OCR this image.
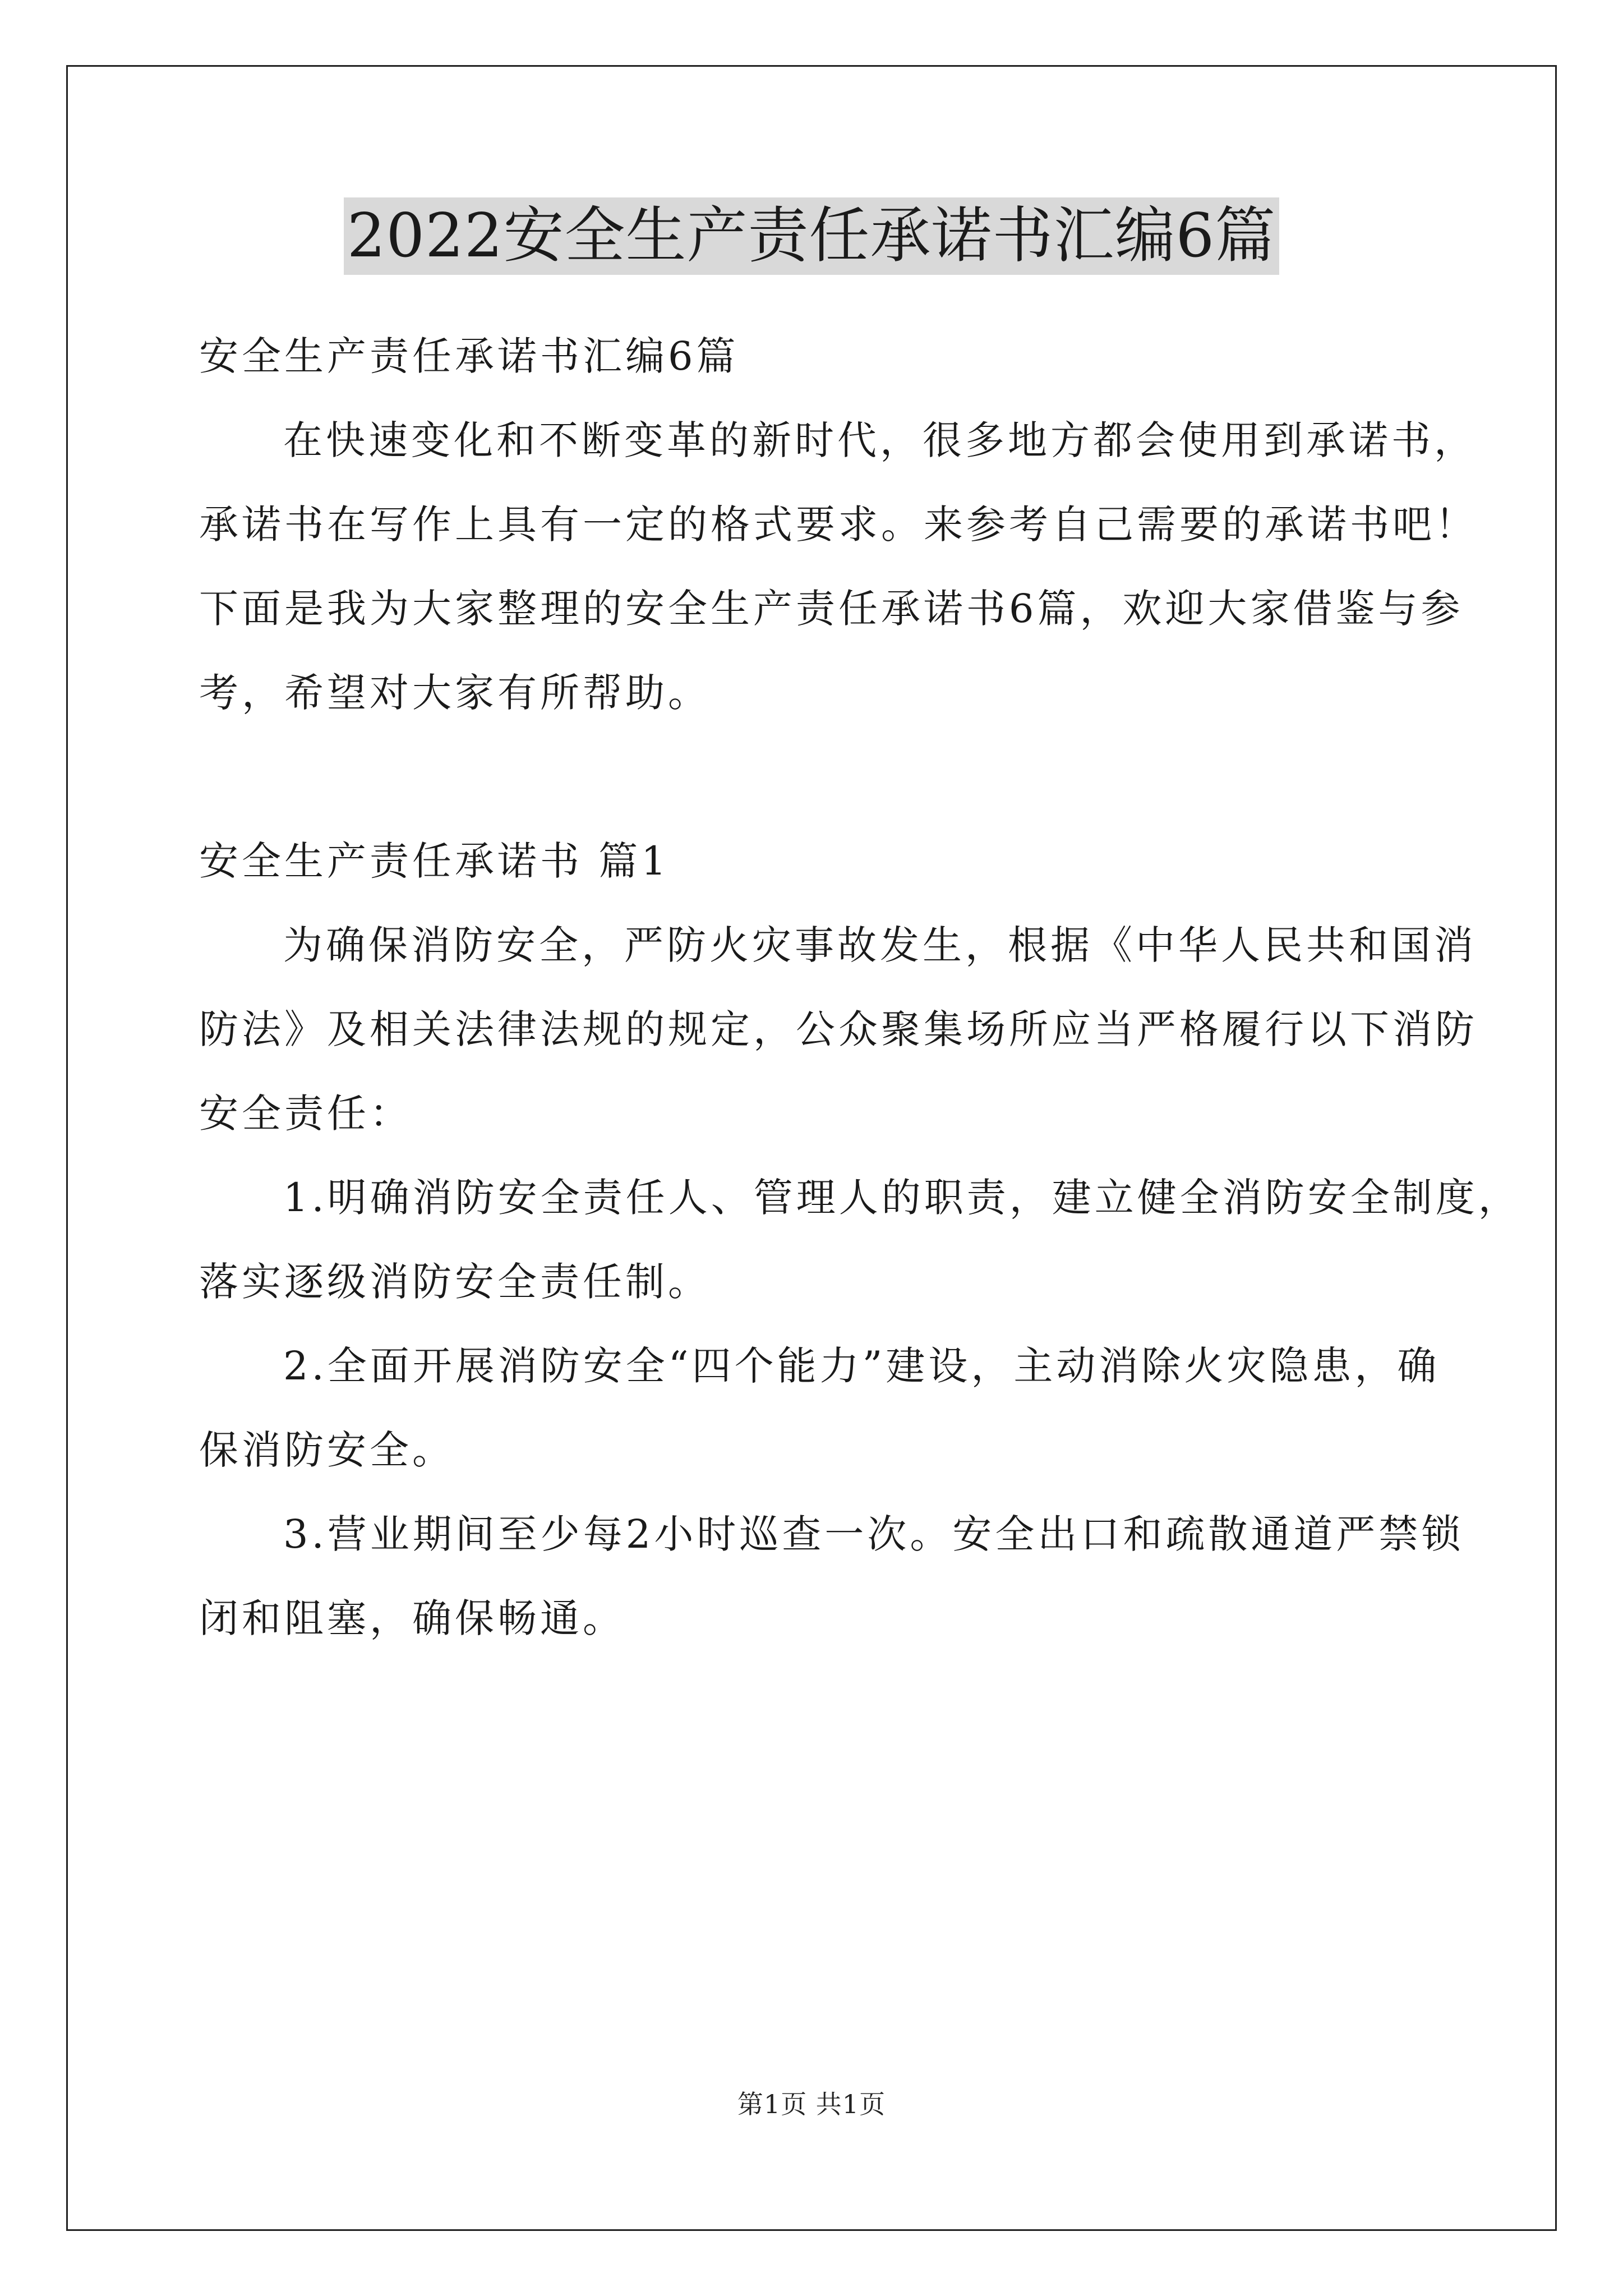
2022安全生产责任承诺书汇编6篇

安全生产责任承诺书汇编6篇

在快速变化和不断变革的新时代，很多地方都会使用到承诺书，

承诺书在写作上具有一定的格式要求。来参考自己需要的承诺书吧！

下面是我为大家整理的安全生产责任承诺书6篇，欢迎大家借鉴与参

考，希望对大家有所帮助。

安全生产责任承诺书 篇1

为确保消防安全，严防火灾事故发生，根据《中华人民共和国消

防法》及相关法律法规的规定，公众聚集场所应当严格履行以下消防

安全责任：

1.明确消防安全责任人、管理人的职责，建立健全消防安全制度，

落实逐级消防安全责任制。

2.全面开展消防安全“四个能力”建设，主动消除火灾隐患，确

保消防安全。

3.营业期间至少每2小时巡查一次。安全出口和疏散通道严禁锁

闭和阻塞，确保畅通。

第1页 共1页
